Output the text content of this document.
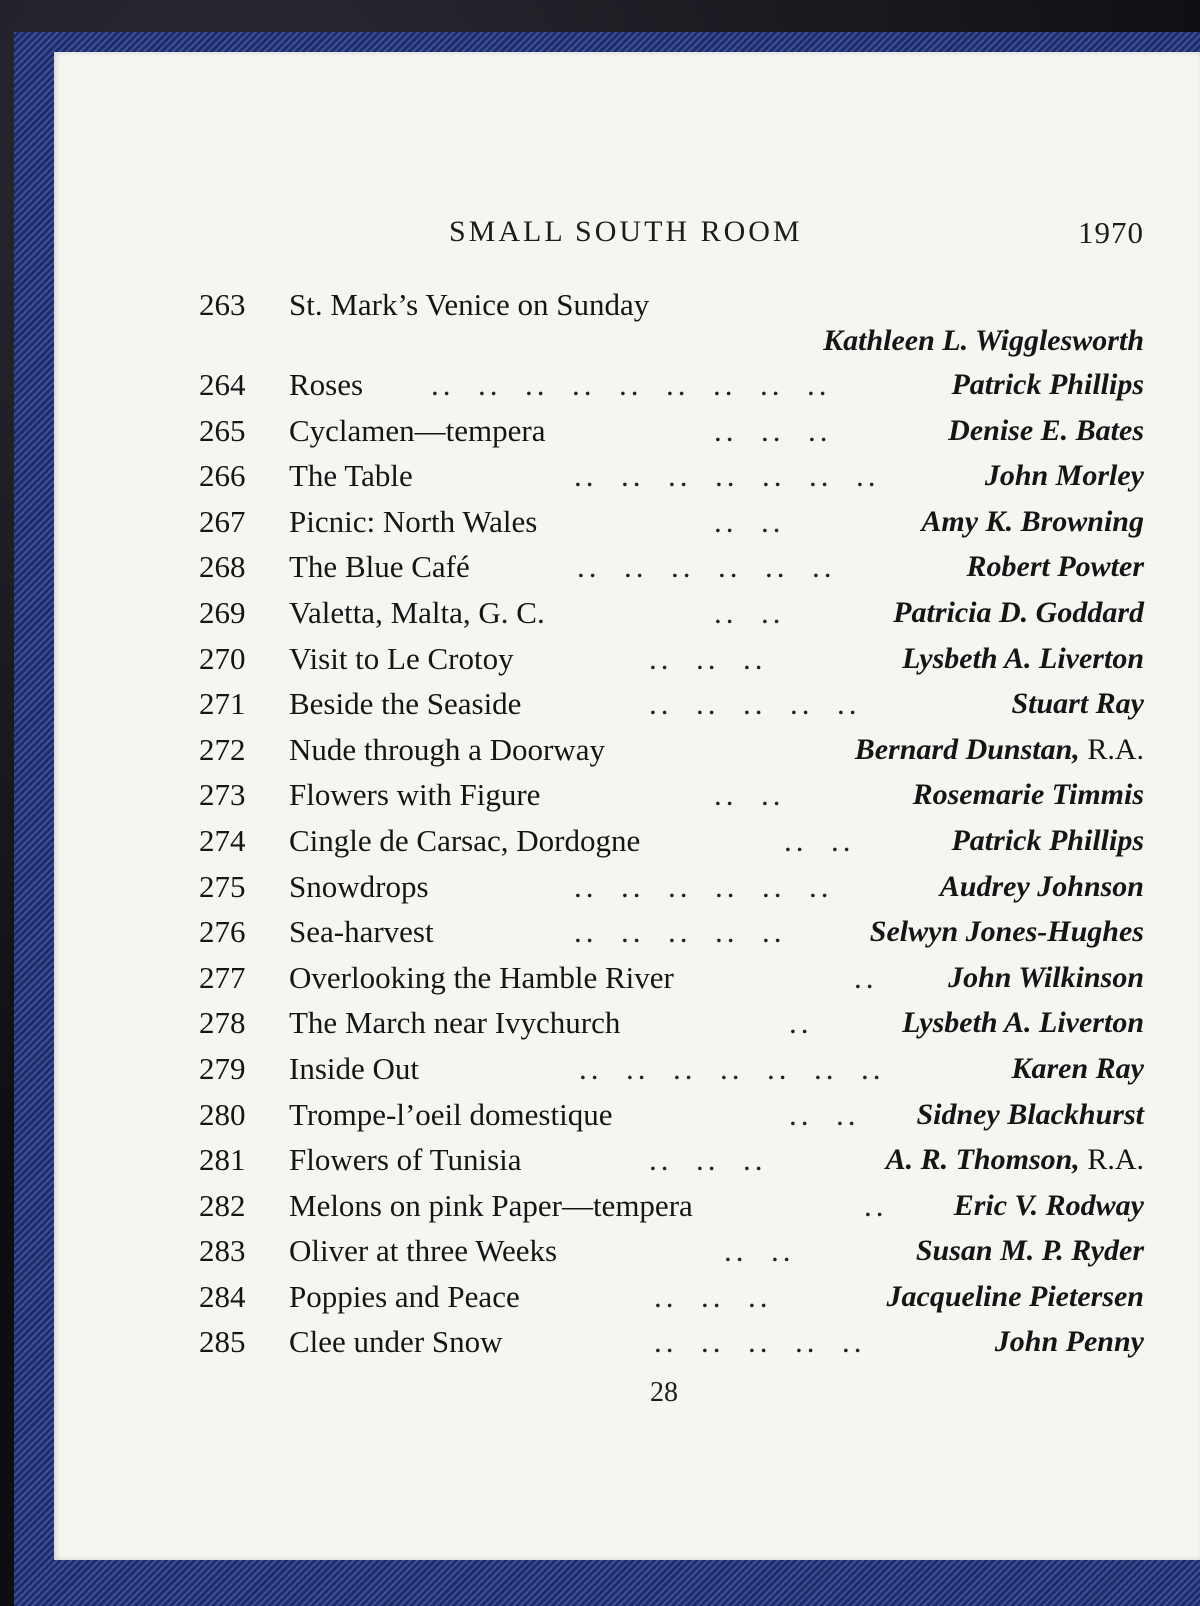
SMALL SOUTH ROOM	1970
263	St. Mark’s Venice on Sunday
Kathleen L. Wigglesworth
264	Roses ..  ..  ..  ..  ..  ..  ..  ..  ..	Patrick Phillips
265	Cyclamen—tempera	..  ..  ..	Denise E. Bates
266	The Table	..  ..  ..  ..  ..  ..  ..	John Morley
267	Picnic: North Wales	..  ..	Amy K. Browning
268	The Blue Café	..  ..  ..  ..  ..  ..	Robert Powter
269	Valetta, Malta, G. C.	..  ..	Patricia D. Goddard
270	Visit to Le Crotoy	..  ..  ..	Lysbeth A. Liverton
271	Beside the Seaside	..  ..  ..  ..  ..	Stuart Ray
272	Nude through a Doorway	Bernard Dunstan, R.A.
273	Flowers with Figure	..  ..	Rosemarie Timmis
274	Cingle de Carsac, Dordogne	..  ..	Patrick Phillips
275	Snowdrops	..  ..  ..  ..  ..  ..	Audrey Johnson
276	Sea-harvest	..  ..  ..  ..  ..	Selwyn Jones-Hughes
277	Overlooking the Hamble River	.. John Wilkinson
278	The March near Ivychurch	..	Lysbeth A. Liverton
279	Inside Out	..  ..  ..  ..  ..  ..  ..	Karen Ray
280	Trompe-l’oeil domestique	..  .. Sidney Blackhurst
281	Flowers of Tunisia	..  ..  ..	A. R. Thomson, R.A.
282	Melons on pink Paper—tempera	.. Eric V. Rodway
283	Oliver at three Weeks	..  ..	Susan M. P. Ryder
284	Poppies and Peace	..  ..  ..	Jacqueline Pietersen
285	Clee under Snow	..  ..  ..  ..  ..	John Penny
28
